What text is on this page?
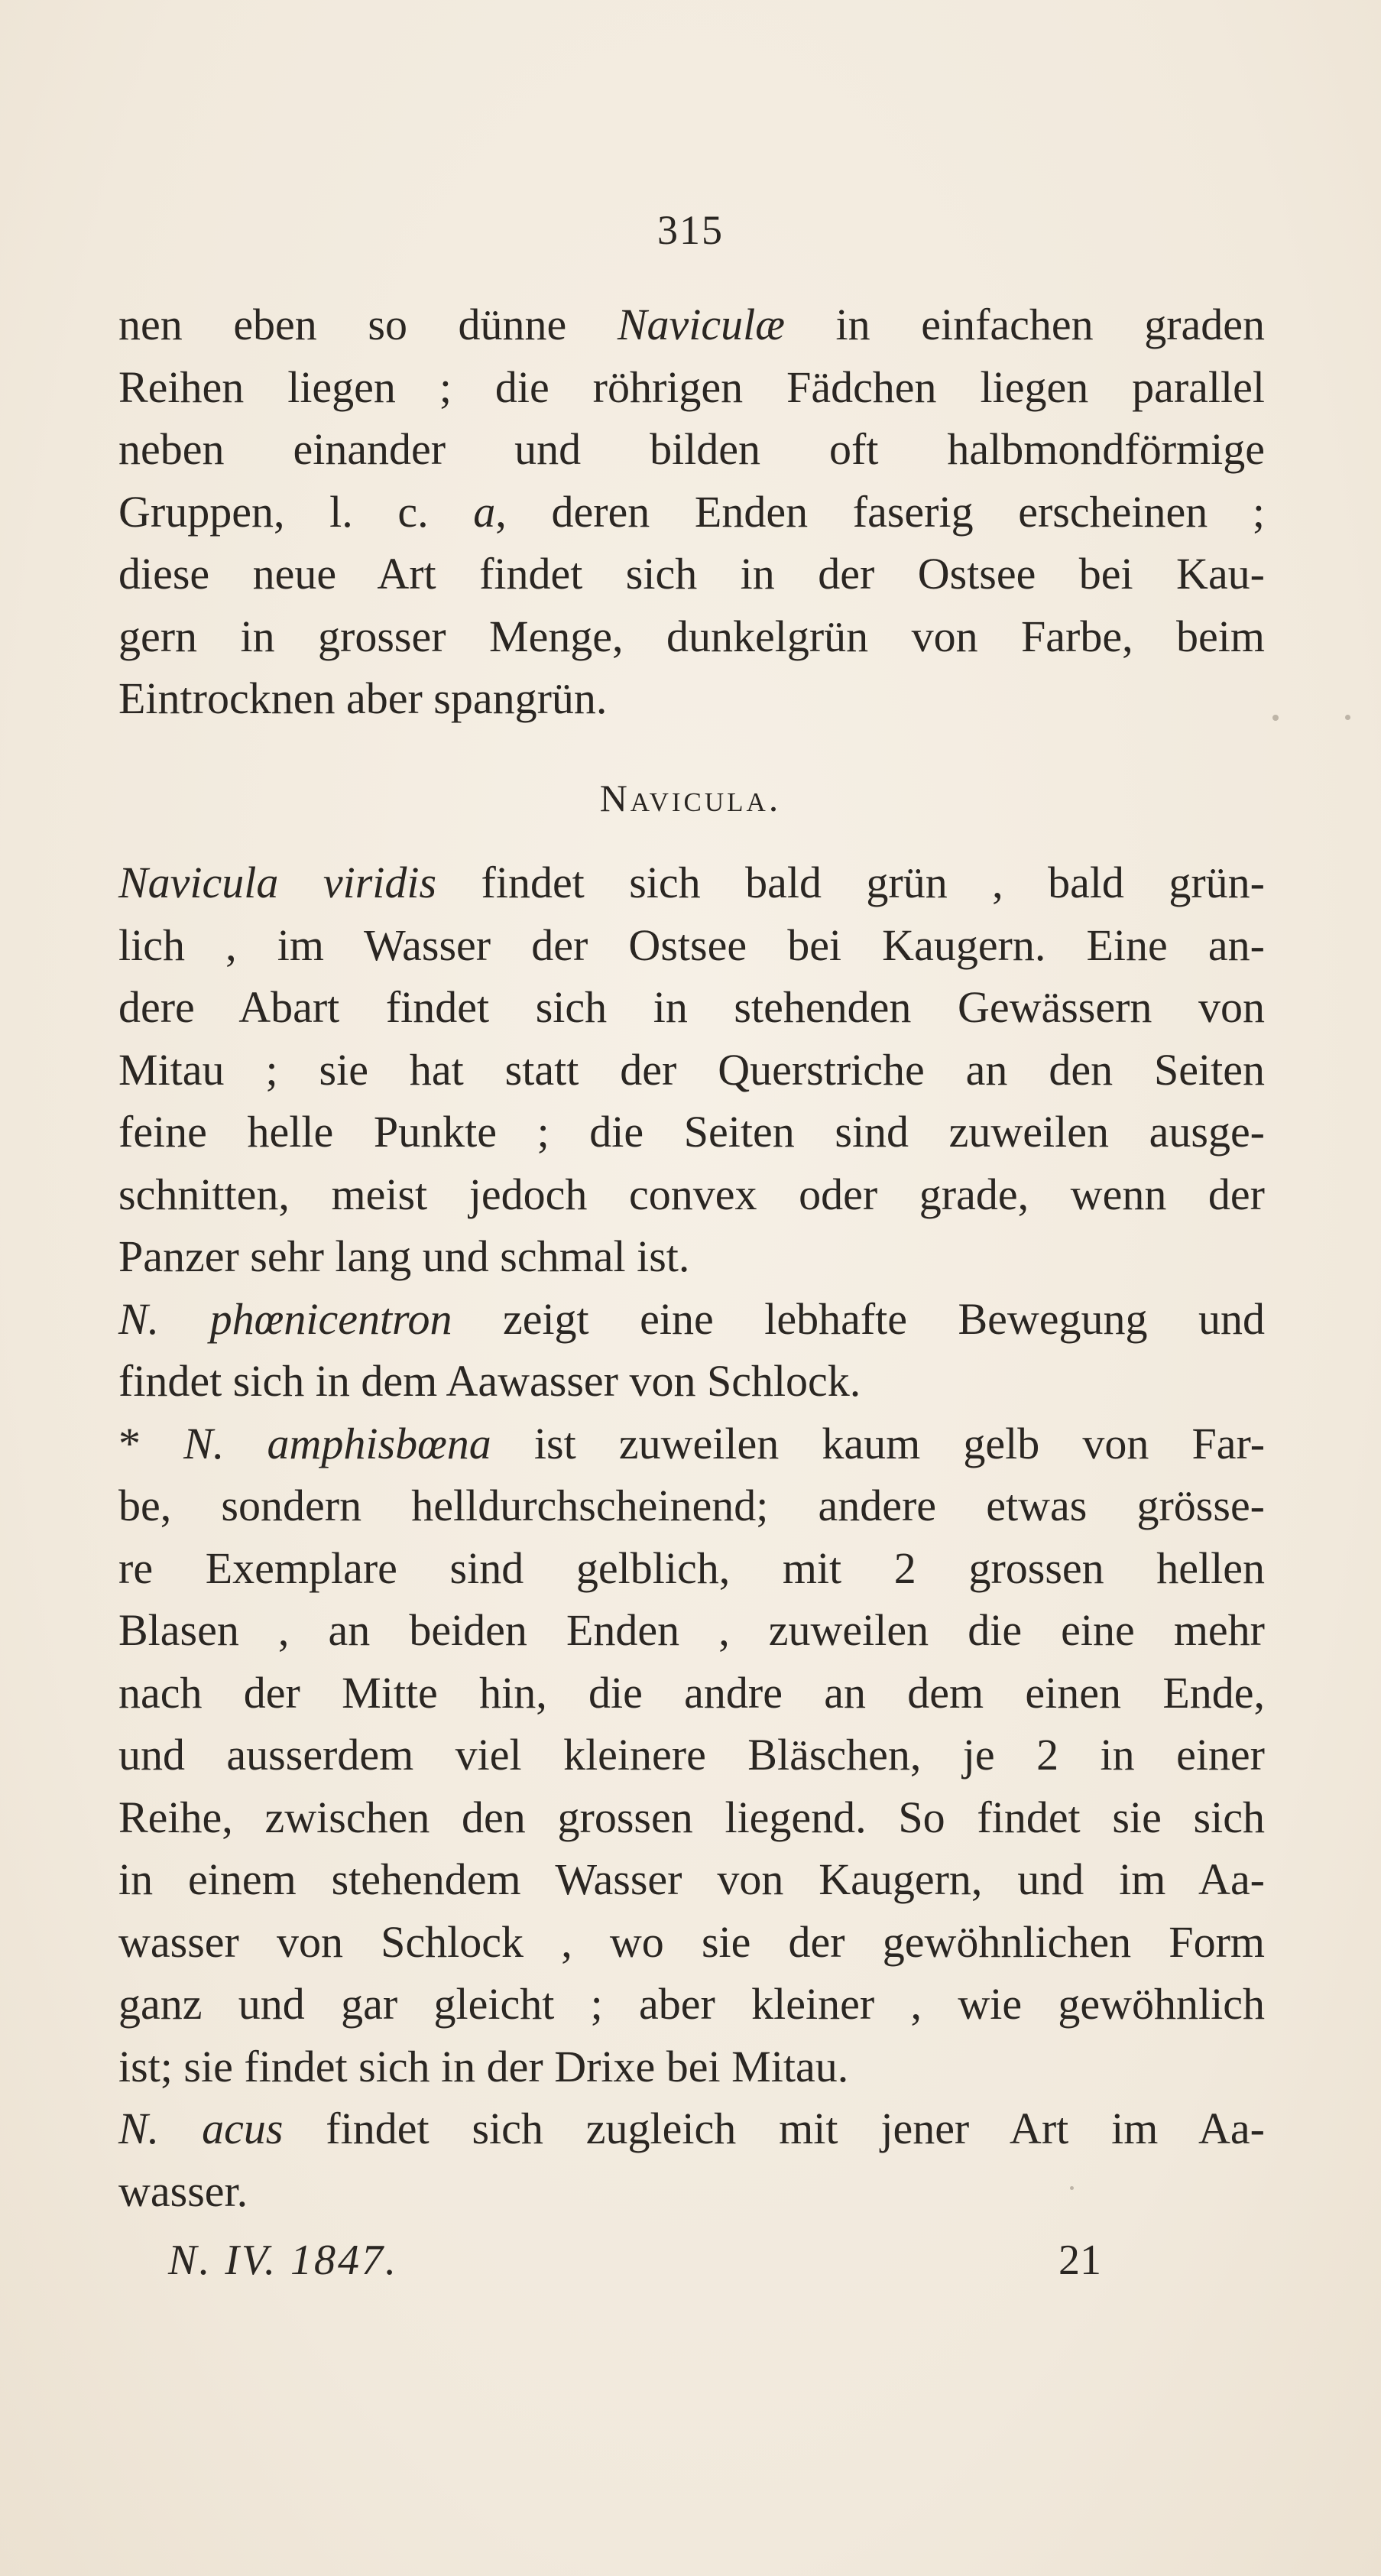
315
nen eben so dünne Naviculæ in einfachen graden
Reihen liegen ; die röhrigen Fädchen liegen parallel
neben einander und bilden oft halbmondförmige
Gruppen, l. c. a, deren Enden faserig erscheinen ;
diese neue Art findet sich in der Ostsee bei Kau-
gern in grosser Menge, dunkelgrün von Farbe, beim
Eintrocknen aber spangrün.
Navicula.
Navicula viridis findet sich bald grün , bald grün-
lich , im Wasser der Ostsee bei Kaugern. Eine an-
dere Abart findet sich in stehenden Gewässern von
Mitau ; sie hat statt der Querstriche an den Seiten
feine helle Punkte ; die Seiten sind zuweilen ausge-
schnitten, meist jedoch convex oder grade, wenn der
Panzer sehr lang und schmal ist.
N. phœnicentron zeigt eine lebhafte Bewegung und
findet sich in dem Aawasser von Schlock.
* N. amphisbœna ist zuweilen kaum gelb von Far-
be, sondern helldurchscheinend; andere etwas grösse-
re Exemplare sind gelblich, mit 2 grossen hellen
Blasen , an beiden Enden , zuweilen die eine mehr
nach der Mitte hin, die andre an dem einen Ende,
und ausserdem viel kleinere Bläschen, je 2 in einer
Reihe, zwischen den grossen liegend. So findet sie sich
in einem stehendem Wasser von Kaugern, und im Aa-
wasser von Schlock , wo sie der gewöhnlichen Form
ganz und gar gleicht ; aber kleiner , wie gewöhnlich
ist; sie findet sich in der Drixe bei Mitau.
N. acus findet sich zugleich mit jener Art im Aa-
wasser.
N. IV. 1847.	21
